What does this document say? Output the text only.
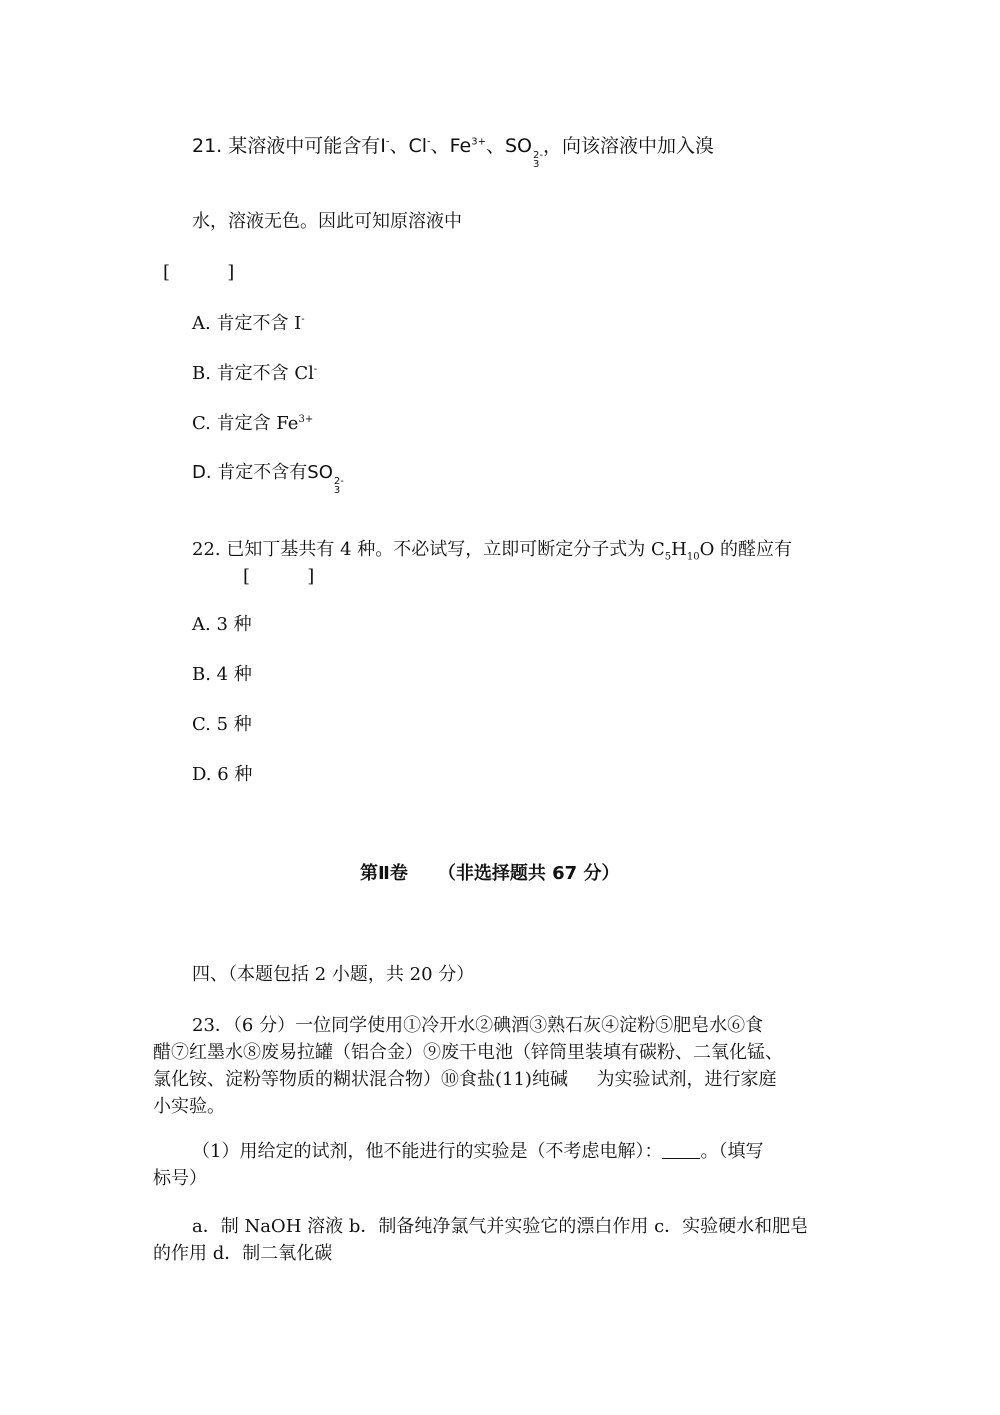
21. 某溶液中可能含有I-、Cl-、$Fe^{3+}$、SO 2-
3
，向该溶液中加入溴
水，溶液无色。因此可知原溶液中
[          ]
A. 肯定不含 I-
B. 肯定不含 Cl-
C. 肯定含 $Fe^{3+}$
D. 肯定不含有SO 2-
3
22. 已知丁基共有 4 种。不必试写，立即可断定分子式为 $C_5H_{10}O$ 的醛应有
[          ]
A. 3 种
B. 4 种
C. 5 种
D. 6 种
第Ⅱ卷 （非选择题共 67 分）
四、（本题包括 2 小题，共 20 分）
23．（6 分）一位同学使用①冷开水②碘酒③熟石灰④淀粉⑤肥皂水⑥食
醋⑦红墨水⑧废易拉罐（铝合金）⑨废干电池（锌筒里装填有碳粉、二氧化锰、
氯化铵、淀粉等物质的糊状混合物）⑩食盐(11)纯碱     为实验试剂，进行家庭
小实验。
（1）用给定的试剂，他不能进行的实验是（不考虑电解）： 。（填写
标号）
a．制 NaOH 溶液 b．制备纯净氯气并实验它的漂白作用 c．实验硬水和肥皂
的作用 d．制二氧化碳
